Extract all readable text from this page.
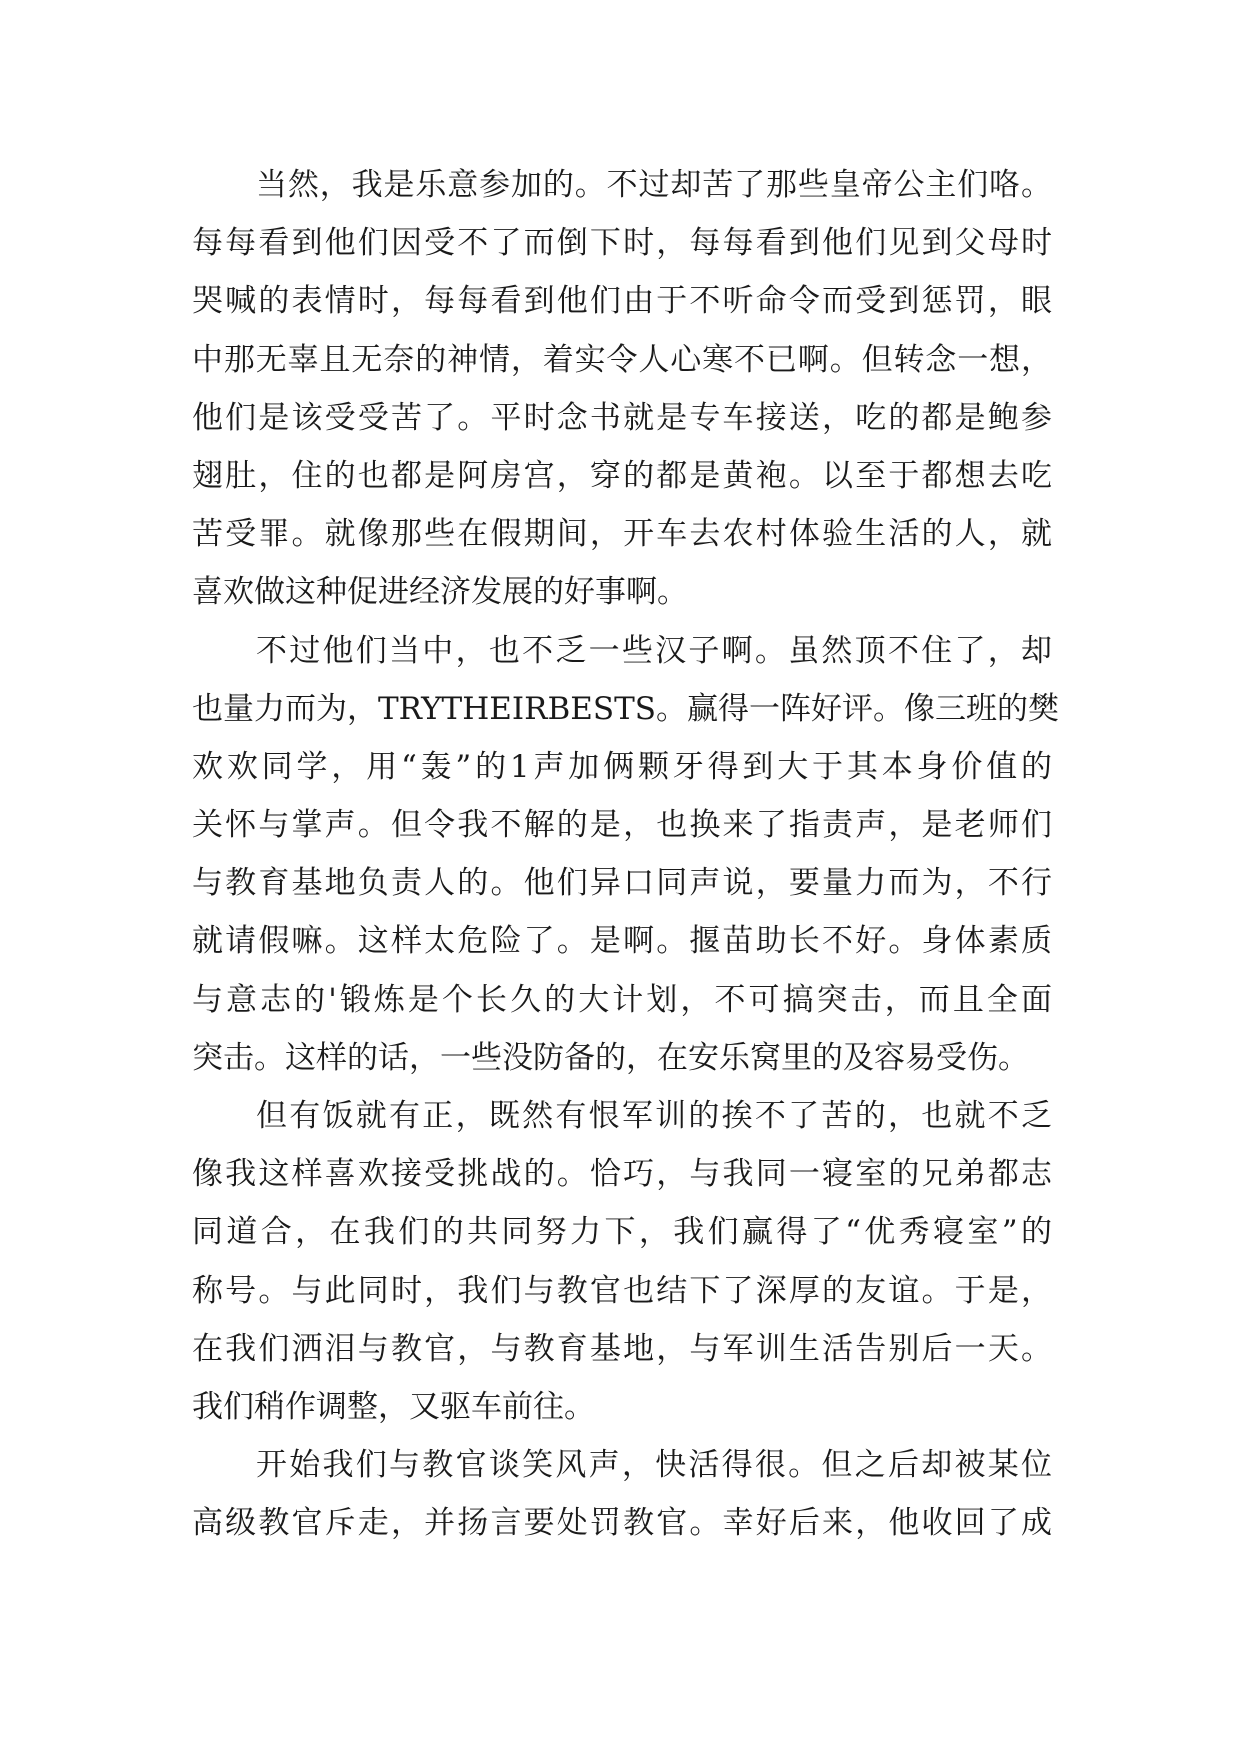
当然，我是乐意参加的。不过却苦了那些皇帝公主们咯。
每每看到他们因受不了而倒下时，每每看到他们见到父母时
哭喊的表情时，每每看到他们由于不听命令而受到惩罚，眼
中那无辜且无奈的神情，着实令人心寒不已啊。但转念一想，
他们是该受受苦了。平时念书就是专车接送，吃的都是鲍参
翅肚，住的也都是阿房宫，穿的都是黄袍。以至于都想去吃
苦受罪。就像那些在假期间，开车去农村体验生活的人，就
喜欢做这种促进经济发展的好事啊。
不过他们当中，也不乏一些汉子啊。虽然顶不住了，却
也量力而为，TRYTHEIRBESTS。赢得一阵好评。像三班的樊
欢欢同学，用“轰”的1声加俩颗牙得到大于其本身价值的
关怀与掌声。但令我不解的是，也换来了指责声，是老师们
与教育基地负责人的。他们异口同声说，要量力而为，不行
就请假嘛。这样太危险了。是啊。揠苗助长不好。身体素质
与意志的'锻炼是个长久的大计划，不可搞突击，而且全面
突击。这样的话，一些没防备的，在安乐窝里的及容易受伤。
但有饭就有正，既然有恨军训的挨不了苦的，也就不乏
像我这样喜欢接受挑战的。恰巧，与我同一寝室的兄弟都志
同道合，在我们的共同努力下，我们赢得了“优秀寝室”的
称号。与此同时，我们与教官也结下了深厚的友谊。于是，
在我们洒泪与教官，与教育基地，与军训生活告别后一天。
我们稍作调整，又驱车前往。
开始我们与教官谈笑风声，快活得很。但之后却被某位
高级教官斥走，并扬言要处罚教官。幸好后来，他收回了成
